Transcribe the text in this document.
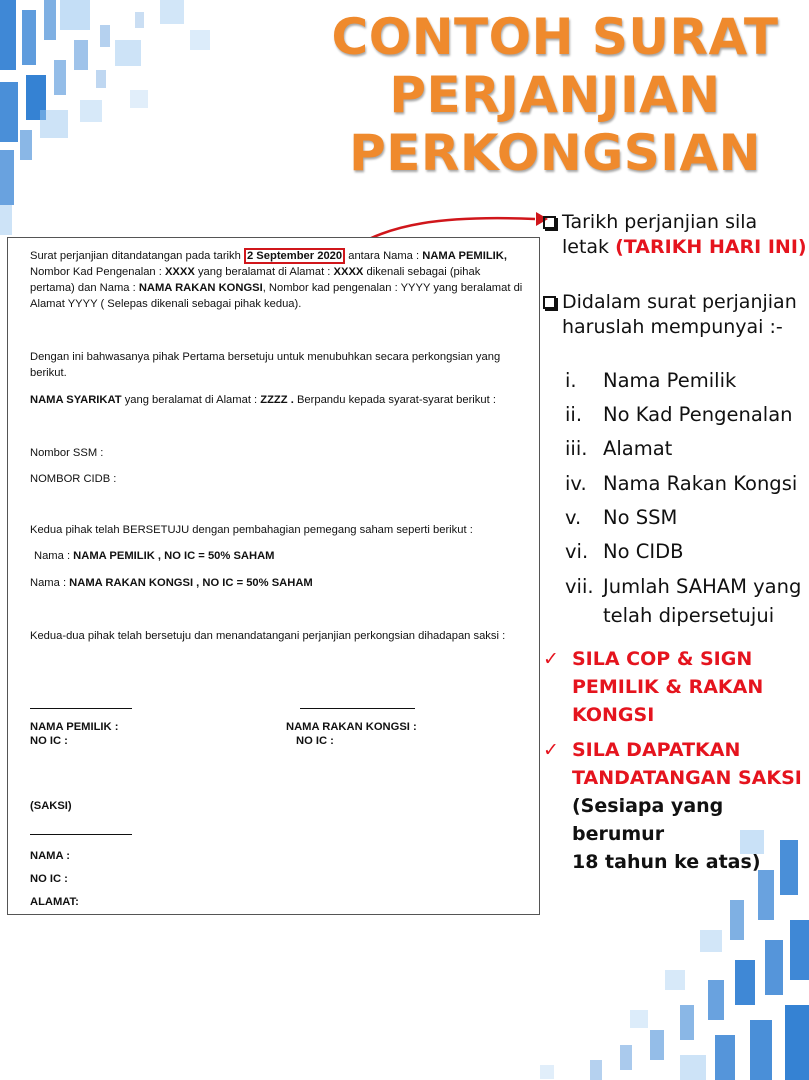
CONTOH SURAT
PERJANJIAN
PERKONGSIAN

Surat perjanjian ditandatangan pada tarikh 2 September 2020 antara Nama : NAMA PEMILIK, Nombor Kad Pengenalan : XXXX yang beralamat di Alamat : XXXX dikenali sebagai (pihak pertama) dan Nama : NAMA RAKAN KONGSI, Nombor kad pengenalan : YYYY yang beralamat di Alamat YYYY ( Selepas dikenali sebagai pihak kedua).

Dengan ini bahwasanya pihak Pertama bersetuju untuk menubuhkan secara perkongsian yang berikut.

NAMA SYARIKAT yang beralamat di Alamat : ZZZZ . Berpandu kepada syarat-syarat berikut :

Nombor SSM :

NOMBOR CIDB :

Kedua pihak telah BERSETUJU dengan pembahagian pemegang saham seperti berikut :

Nama : NAMA PEMILIK , NO IC = 50% SAHAM

Nama : NAMA RAKAN KONGSI , NO IC = 50% SAHAM

Kedua-dua pihak telah bersetuju dan menandatangani perjanjian perkongsian dihadapan saksi :

NAMA PEMILIK :
NO IC :

NAMA RAKAN KONGSI :
NO IC :

(SAKSI)

NAMA :

NO IC :

ALAMAT:

Tarikh perjanjian sila
letak (TARIKH HARI INI)
Didalam surat perjanjian
haruslah mempunyai :-
i. Nama Pemilik
ii. No Kad Pengenalan
iii. Alamat
iv. Nama Rakan Kongsi
v. No SSM
vi. No CIDB
vii. Jumlah SAHAM yang
telah dipersetujui
✓ SILA COP & SIGN
PEMILIK & RAKAN
KONGSI
✓ SILA DAPATKAN
TANDATANGAN SAKSI
(Sesiapa yang berumur
18 tahun ke atas)
